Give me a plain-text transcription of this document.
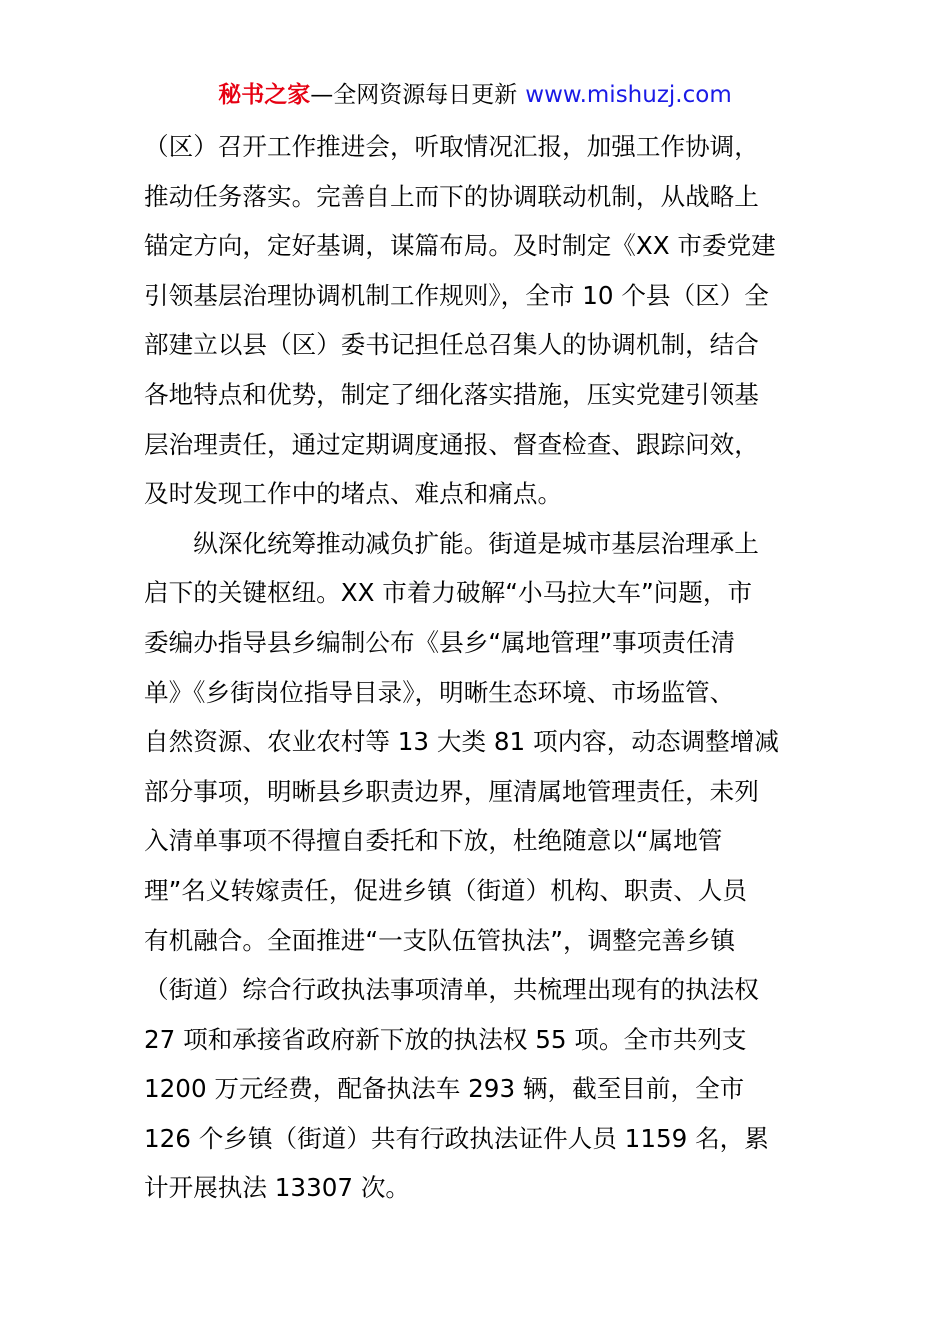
秘书之家—全网资源每日更新 www.mishuzj.com
（区）召开工作推进会，听取情况汇报，加强工作协调，
推动任务落实。完善自上而下的协调联动机制，从战略上
锚定方向，定好基调，谋篇布局。及时制定《XX 市委党建
引领基层治理协调机制工作规则》，全市 10 个县（区）全
部建立以县（区）委书记担任总召集人的协调机制，结合
各地特点和优势，制定了细化落实措施，压实党建引领基
层治理责任，通过定期调度通报、督查检查、跟踪问效，
及时发现工作中的堵点、难点和痛点。
　　纵深化统筹推动减负扩能。街道是城市基层治理承上
启下的关键枢纽。XX 市着力破解“小马拉大车”问题，市
委编办指导县乡编制公布《县乡“属地管理”事项责任清
单》《乡街岗位指导目录》，明晰生态环境、市场监管、
自然资源、农业农村等 13 大类 81 项内容，动态调整增减
部分事项，明晰县乡职责边界，厘清属地管理责任，未列
入清单事项不得擅自委托和下放，杜绝随意以“属地管
理”名义转嫁责任，促进乡镇（街道）机构、职责、人员
有机融合。全面推进“一支队伍管执法”，调整完善乡镇
（街道）综合行政执法事项清单，共梳理出现有的执法权
27 项和承接省政府新下放的执法权 55 项。全市共列支
1200 万元经费，配备执法车 293 辆，截至目前，全市
126 个乡镇（街道）共有行政执法证件人员 1159 名，累
计开展执法 13307 次。
